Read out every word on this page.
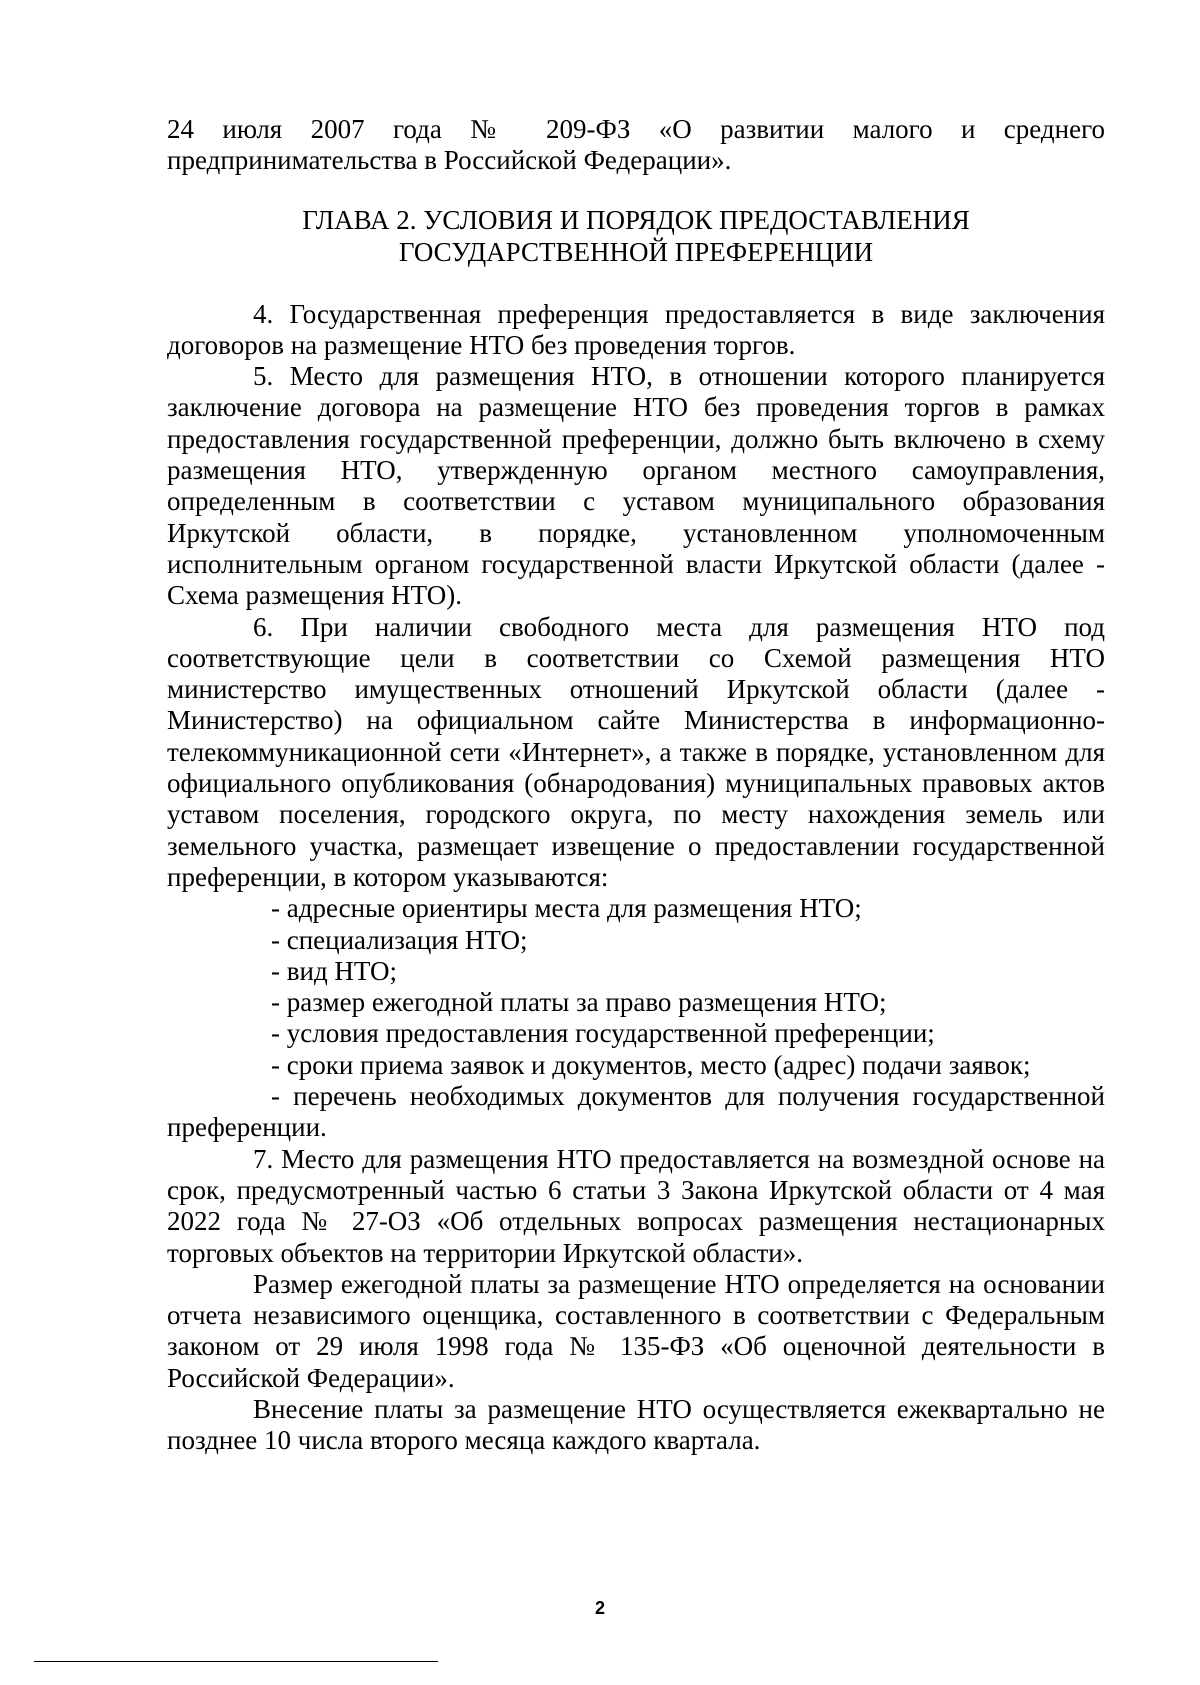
24 июля 2007 года № 209-ФЗ «О развитии малого и среднего предпринимательства в Российской Федерации».

ГЛАВА 2. УСЛОВИЯ И ПОРЯДОК ПРЕДОСТАВЛЕНИЯ
ГОСУДАРСТВЕННОЙ ПРЕФЕРЕНЦИИ

4. Государственная преференция предоставляется в виде заключения договоров на размещение НТО без проведения торгов.

5. Место для размещения НТО, в отношении которого планируется заключение договора на размещение НТО без проведения торгов в рамках предоставления государственной преференции, должно быть включено в схему размещения НТО, утвержденную органом местного самоуправления, определенным в соответствии с уставом муниципального образования Иркутской области, в порядке, установленном уполномоченным исполнительным органом государственной власти Иркутской области (далее - Схема размещения НТО).

6. При наличии свободного места для размещения НТО под соответствующие цели в соответствии со Схемой размещения НТО министерство имущественных отношений Иркутской области (далее - Министерство) на официальном сайте Министерства в информационно-телекоммуникационной сети «Интернет», а также в порядке, установленном для официального опубликования (обнародования) муниципальных правовых актов уставом поселения, городского округа, по месту нахождения земель или земельного участка, размещает извещение о предоставлении государственной преференции, в котором указываются:

- адресные ориентиры места для размещения НТО;

- специализация НТО;

- вид НТО;

- размер ежегодной платы за право размещения НТО;

- условия предоставления государственной преференции;

- сроки приема заявок и документов, место (адрес) подачи заявок;

- перечень необходимых документов для получения государственной преференции.

7. Место для размещения НТО предоставляется на возмездной основе на срок, предусмотренный частью 6 статьи 3 Закона Иркутской области от 4 мая 2022 года № 27-ОЗ «Об отдельных вопросах размещения нестационарных торговых объектов на территории Иркутской области».

Размер ежегодной платы за размещение НТО определяется на основании отчета независимого оценщика, составленного в соответствии с Федеральным законом от 29 июля 1998 года № 135-ФЗ «Об оценочной деятельности в Российской Федерации».

Внесение платы за размещение НТО осуществляется ежеквартально не позднее 10 числа второго месяца каждого квартала.

2
